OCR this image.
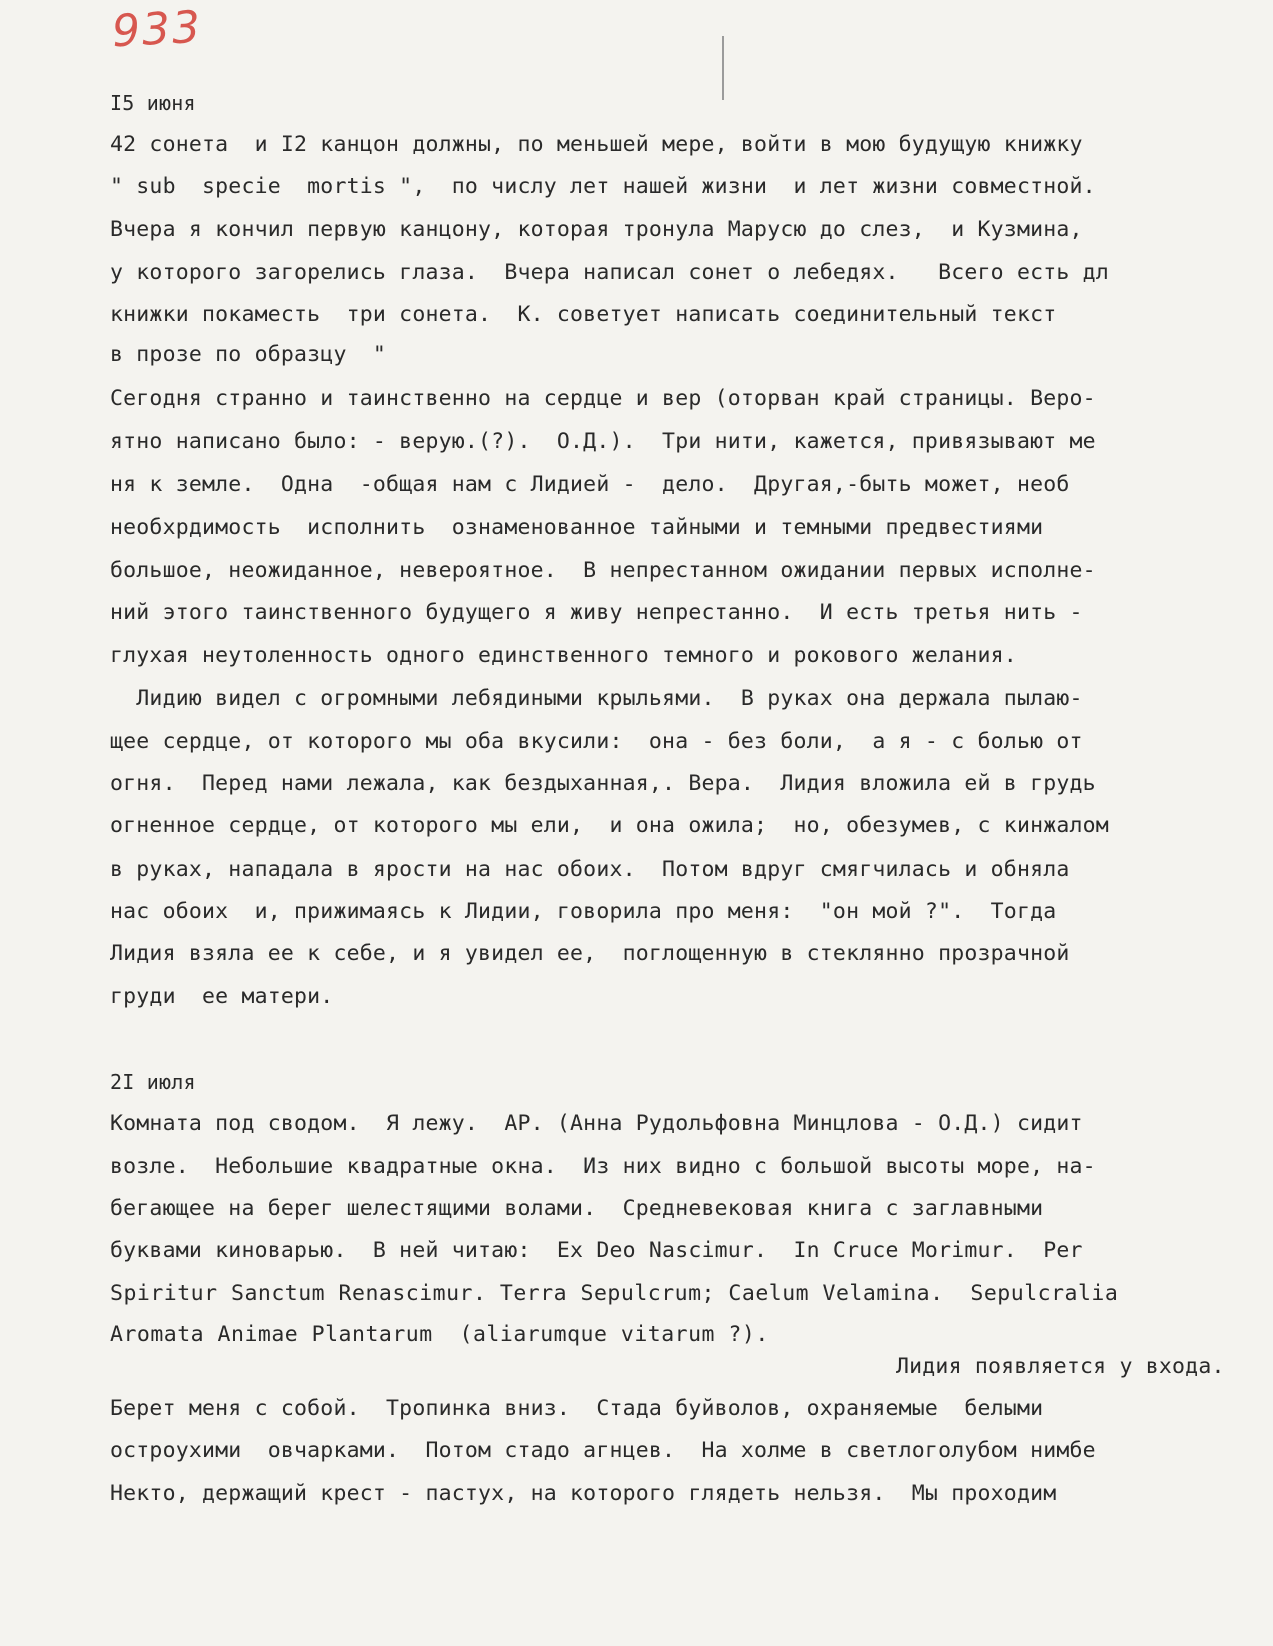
933
I5 июня
42 сонета  и I2 канцон должны, по меньшей мере, войти в мою будущую книжку
" sub  specie  mortis ",  по числу лет нашей жизни  и лет жизни совместной.
Вчера я кончил первую канцону, которая тронула Марусю до слез,  и Кузмина,
у которого загорелись глаза.  Вчера написал сонет о лебедях.   Всего есть дл
книжки покаместь  три сонета.  К. советует написать соединительный текст
в прозе по образцу  "
Сегодня странно и таинственно на сердце и вер (оторван край страницы. Веро-
ятно написано было: - верую.(?).  О.Д.).  Три нити, кажется, привязывают ме
ня к земле.  Одна  -общая нам с Лидией -  дело.  Другая,-быть может, необ
необхрдимость  исполнить  ознаменованное тайными и темными предвестиями
большое, неожиданное, невероятное.  В непрестанном ожидании первых исполне-
ний этого таинственного будущего я живу непрестанно.  И есть третья нить -
глухая неутоленность одного единственного темного и рокового желания.
Лидию видел с огромными лебядиными крыльями.  В руках она держала пылаю-
щее сердце, от которого мы оба вкусили:  она - без боли,  а я - с болью от
огня.  Перед нами лежала, как бездыханная,. Вера.  Лидия вложила ей в грудь
огненное сердце, от которого мы ели,  и она ожила;  но, обезумев, с кинжалом
в руках, нападала в ярости на нас обоих.  Потом вдруг смягчилась и обняла
нас обоих  и, прижимаясь к Лидии, говорила про меня:  "он мой ?".  Тогда
Лидия взяла ее к себе, и я увидел ее,  поглощенную в стеклянно прозрачной
груди  ее матери.
2I июля
Комната под сводом.  Я лежу.  АР. (Анна Рудольфовна Минцлова - О.Д.) сидит
возле.  Небольшие квадратные окна.  Из них видно с большой высоты море, на-
бегающее на берег шелестящими волами.  Средневековая книга с заглавными
буквами киноварью.  В ней читаю:  Ex Deo Nascimur.  In Cruce Morimur.  Per
Spiritur Sanctum Renascimur. Terra Sepulcrum; Caelum Velamina.  Sepulcralia
Aromata Animae Plantarum  (aliarumque vitarum ?).
Лидия появляется у входа.
Берет меня с собой.  Тропинка вниз.  Стада буйволов, охраняемые  белыми
остроухими  овчарками.  Потом стадо агнцев.  На холме в светлоголубом нимбе
Некто, держащий крест - пастух, на которого глядеть нельзя.  Мы проходим
